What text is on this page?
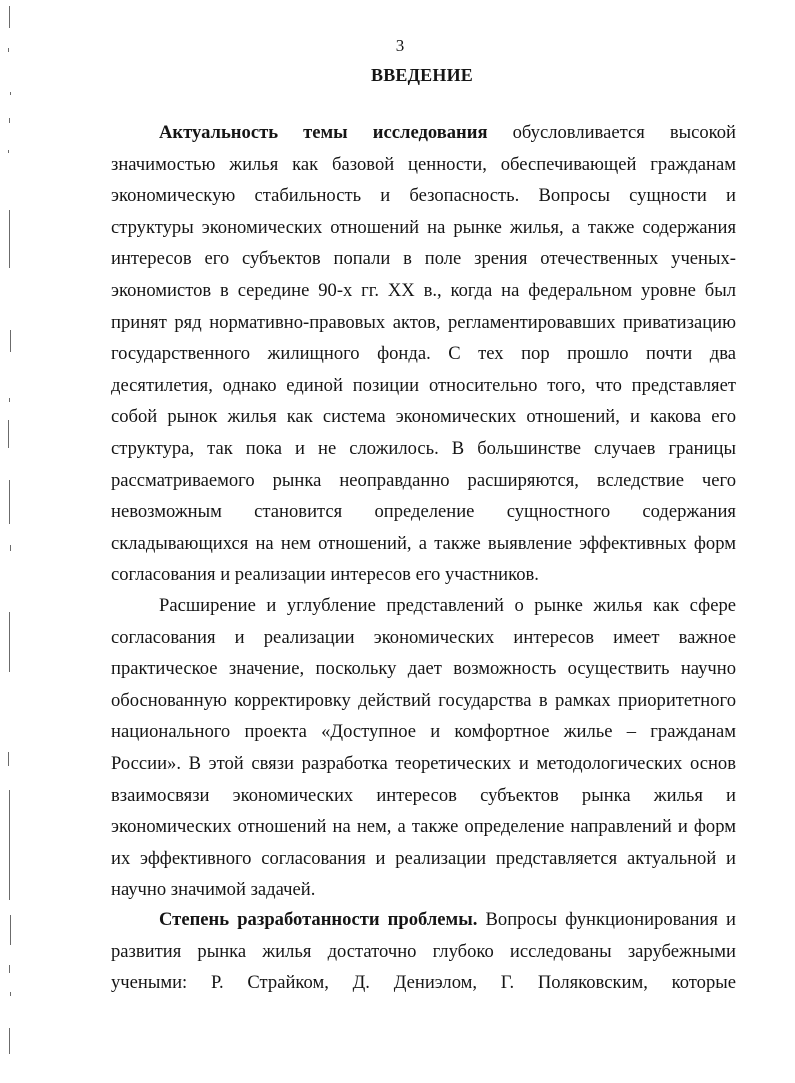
3
ВВЕДЕНИЕ
Актуальность темы исследования обусловливается высокой
значимостью жилья как базовой ценности, обеспечивающей гражданам
экономическую стабильность и безопасность. Вопросы сущности и
структуры экономических отношений на рынке жилья, а также содержания
интересов его субъектов попали в поле зрения отечественных ученых-
экономистов в середине 90-х гг. XX в., когда на федеральном уровне был
принят ряд нормативно-правовых актов, регламентировавших приватизацию
государственного жилищного фонда. С тех пор прошло почти два
десятилетия, однако единой позиции относительно того, что представляет
собой рынок жилья как система экономических отношений, и какова его
структура, так пока и не сложилось. В большинстве случаев границы
рассматриваемого рынка неоправданно расширяются, вследствие чего
невозможным становится определение сущностного содержания
складывающихся на нем отношений, а также выявление эффективных форм
согласования и реализации интересов его участников.
Расширение и углубление представлений о рынке жилья как сфере
согласования и реализации экономических интересов имеет важное
практическое значение, поскольку дает возможность осуществить научно
обоснованную корректировку действий государства в рамках приоритетного
национального проекта «Доступное и комфортное жилье – гражданам
России». В этой связи разработка теоретических и методологических основ
взаимосвязи экономических интересов субъектов рынка жилья и
экономических отношений на нем, а также определение направлений и форм
их эффективного согласования и реализации представляется актуальной и
научно значимой задачей.
Степень разработанности проблемы. Вопросы функционирования и
развития рынка жилья достаточно глубоко исследованы зарубежными
учеными: Р. Страйком, Д. Дениэлом, Г. Поляковским, которые
